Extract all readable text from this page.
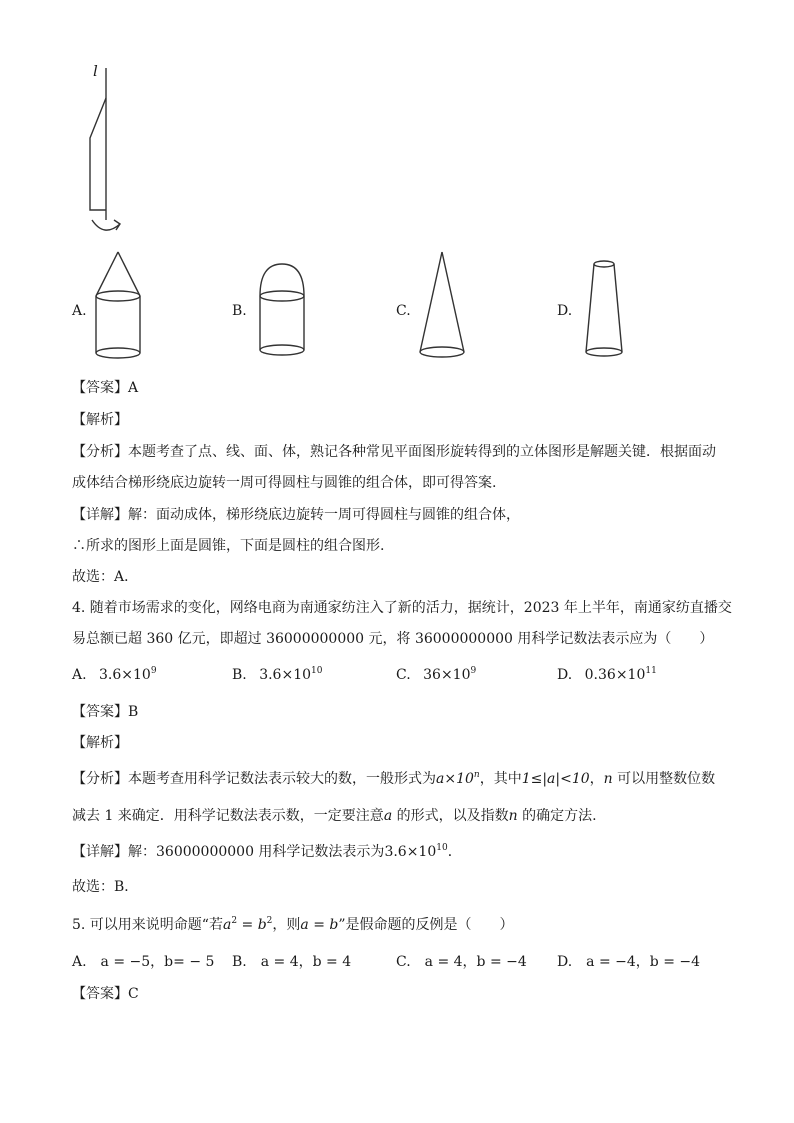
l
A.	B.	C.	D.
【答案】A
【解析】
【分析】本题考查了点、线、面、体，熟记各种常见平面图形旋转得到的立体图形是解题关键．根据面动
成体结合梯形绕底边旋转一周可得圆柱与圆锥的组合体，即可得答案.
【详解】解：面动成体，梯形绕底边旋转一周可得圆柱与圆锥的组合体，
∴所求的图形上面是圆锥，下面是圆柱的组合图形.
故选：A．
4. 随着市场需求的变化，网络电商为南通家纺注入了新的活力，据统计，2023 年上半年，南通家纺直播交
易总额已超 360 亿元，即超过 36000000000 元，将 36000000000 用科学记数法表示应为（　　）
A. $3.6\times 10^9$	B. $3.6\times 10^{10}$	C. $36\times 10^9$	D. $0.36\times 10^{11}$
【答案】B
【解析】
【分析】本题考查用科学记数法表示较大的数，一般形式为$a\times 10^n$，其中1≤|a|<10，n 可以用整数位数
减去 1 来确定．用科学记数法表示数，一定要注意a 的形式，以及指数n 的确定方法.
【详解】解：36000000000 用科学记数法表示为$3.6\times 10^{10}$．
故选：B．
5. 可以用来说明命题“若$a^2 = b^2$，则a = b”是假命题的反例是（　　）
A.　a = −5，b= − 5 B.　a = 4，b = 4	C.　a = 4，b = −4 D.　a = −4，b = −4
【答案】C
